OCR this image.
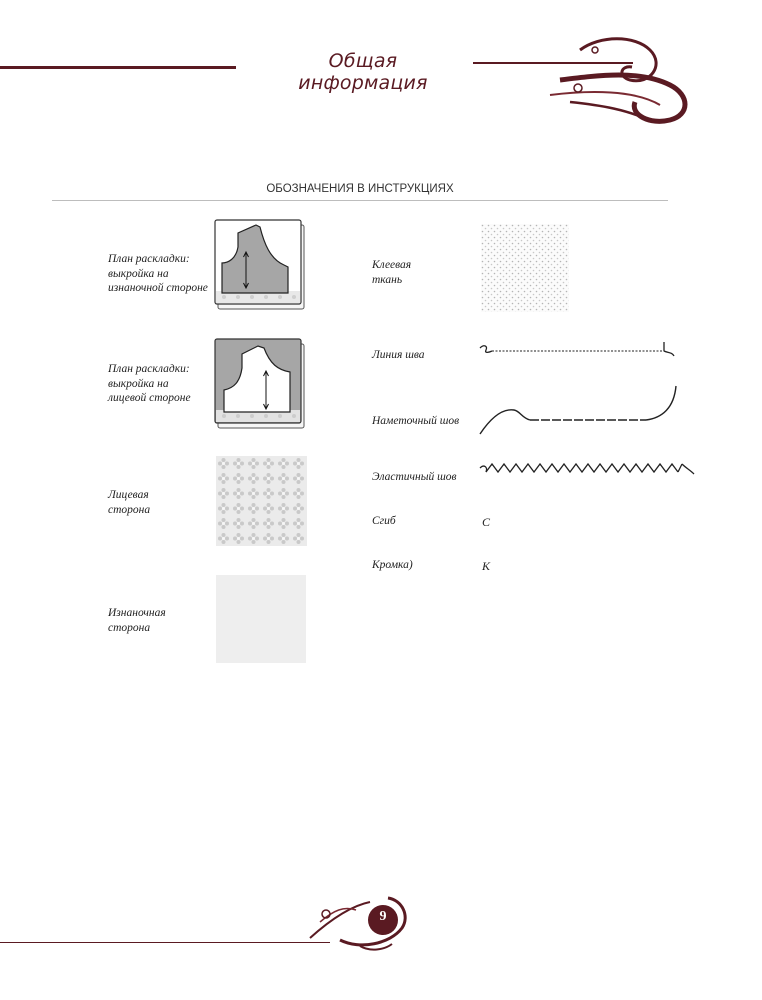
Общая информация
ОБОЗНАЧЕНИЯ В ИНСТРУКЦИЯХ
План раскладки:
выкройка на
изнаночной стороне
План раскладки:
выкройка на
лицевой стороне
Лицевая
сторона
Изнаночная
сторона
Клеевая
ткань
Линия шва
Наметочный шов
Эластичный шов
Сгиб
Кромка)
С
К
9
